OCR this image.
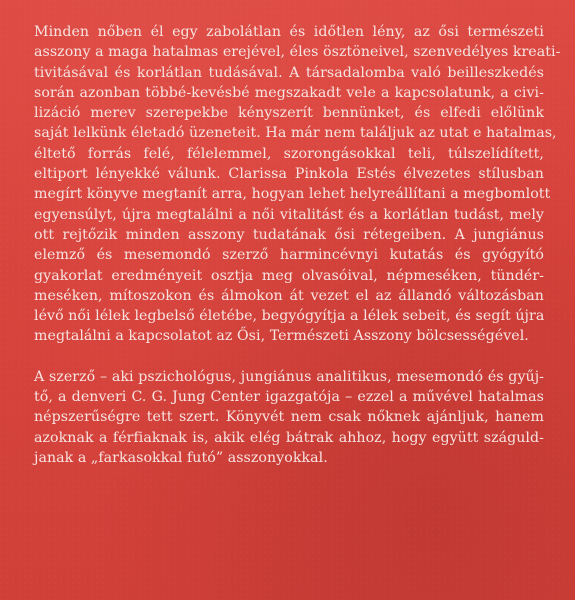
Minden nőben él egy zabolátlan és időtlen lény, az ősi természeti
asszony a maga hatalmas erejével, éles ösztöneivel, szenvedélyes kreati-
tivitásával és korlátlan tudásával. A társadalomba való beilleszkedés
során azonban többé-kevésbé megszakadt vele a kapcsolatunk, a civi-
lizáció merev szerepekbe kényszerít bennünket, és elfedi előlünk
saját lelkünk életadó üzeneteit. Ha már nem találjuk az utat e hatalmas,
éltető forrás felé, félelemmel, szorongásokkal teli, túlszelídített,
eltiport lényekké válunk. Clarissa Pinkola Estés élvezetes stílusban
megírt könyve megtanít arra, hogyan lehet helyreállítani a megbomlott
egyensúlyt, újra megtalálni a női vitalitást és a korlátlan tudást, mely
ott rejtőzik minden asszony tudatának ősi rétegeiben. A jungiánus
elemző és mesemondó szerző harmincévnyi kutatás és gyógyító
gyakorlat eredményeit osztja meg olvasóival, népmeséken, tündér-
meséken, mítoszokon és álmokon át vezet el az állandó változásban
lévő női lélek legbelső életébe, begyógyítja a lélek sebeit, és segít újra
megtalálni a kapcsolatot az Ősi, Természeti Asszony bölcsességével.
A szerző – aki pszichológus, jungiánus analitikus, mesemondó és gyűj-
tő, a denveri C. G. Jung Center igazgatója – ezzel a művével hatalmas
népszerűségre tett szert. Könyvét nem csak nőknek ajánljuk, hanem
azoknak a férfiaknak is, akik elég bátrak ahhoz, hogy együtt száguld-
janak a „farkasokkal futó” asszonyokkal.
